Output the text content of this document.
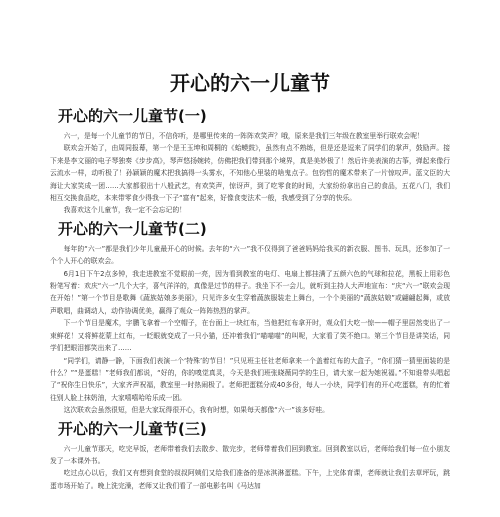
开心的六一儿童节
开心的六一儿童节(一)

六一，是每一个儿童节的节日，不信你听，是哪里传来的一阵阵欢笑声？哦，原来是我们三年级在教室里举行联欢会呢！

联欢会开始了，由周同报幕，第一个是王玉坤和周桐的《蛤蟆鼓》，虽然有点不熟练，但是还是逗来了同学们的掌声，鼓励声。接下来是李文丽的电子琴独奏《步步高》，琴声悠扬婉转，仿佛把我们带到那个境界，真是美妙极了！然后许美表演的古筝，弹起来像行云流水一样，动听极了！孙颖颖的魔术把我搞得一头雾水，不知他心里装的啥鬼点子。包钧哲的魔术带来了一片惊叹声。蓝文臣的大海让大家笑成一团……大家都很出十八般武艺，有欢笑声，惊讶声，到了吃零食的时间，大家纷纷拿出自己的食品，五花八门，我们相互交换食品吃，本来带零食少得我一下子“富有”起来，好像食变法术一般，我感受到了分享的快乐。

我喜欢这个儿童节，我一定不会忘记的！

开心的六一儿童节(二)

每年的“六一”都是我们少年儿童最开心的时候。去年的“六一”我不仅得到了爸爸妈妈给我买的新衣服、图书、玩具，还参加了一个个人开心的联欢会。

6月1日下午2点多钟，我走进教室不觉眼前一亮，因为看到教室的电灯、电扇上都挂满了五颜六色的气球和拉花，黑板上用彩色粉笔写着：欢庆“六一”几个大字，喜气洋洋的，真像是过节的样子。我坐下不一会儿，就听到主持人大声地宣布：“庆“六一”联欢会现在开始！”第一个节目是歌舞《蔬族姑娘多美丽》，只见许多女生穿着蔬族服装走上舞台，一个个美丽的“蔬族姑娘”或翩翩起舞，或放声歌唱，曲调动人，动作协调优美，赢得了观众一阵阵热烈的掌声。

下一个节目是魔术，宇鹏飞拿着一个空帽子，在台面上一块红布，当他把红布拿开时，观众们大吃一惊——帽子里居然变出了一束鲜花！又将鲜花蒙上红布，一眨眼就变成了一只小猫，还冲着我们“喵喵喵”的叫呢，大家看了笑不绝口。第三个节目是讲笑话，同学们把眼泪都笑出来了……

“同学们，请静一静，下面我们表演一个‘特殊’的节目！”只见班主任社老师拿来一个盖着红布的大盒子，“你们猜一猜里面装的是什么？”“是蛋糕！”老师我们都说，“好的，你的嗅觉真灵，今天是我们班张晓薇同学的生日，请大家一起为她祝福。”不知谁带头唱起了“祝你生日快乐”，大家齐声祝福，教室里一时热闹极了。老师把蛋糕分成40多份，每人一小块，同学们有的开心吃蛋糕，有的忙着往别人脸上抹奶油，大家嘻嘻哈哈乐成一团。

这次联欢会虽然很短，但是大家玩得很开心，我有时想，如果每天都像“六一”该多好哇。

开心的六一儿童节(三)

六一儿童节那天，吃完早饭，老师带着我们去散步、散完步，老师带着我们回到教室。回到教室以后，老师给我们每一位小朋友发了一本课外书。

吃过点心以后，我们又有想到食堂的叔叔阿姨们又给我们准备的是冰淇淋蛋糕。下午，上完体育课，老师就让我们去草坪玩，跳蛋市场开始了。晚上洗完澡，老师又让我们看了一部电影名叫《马达加
